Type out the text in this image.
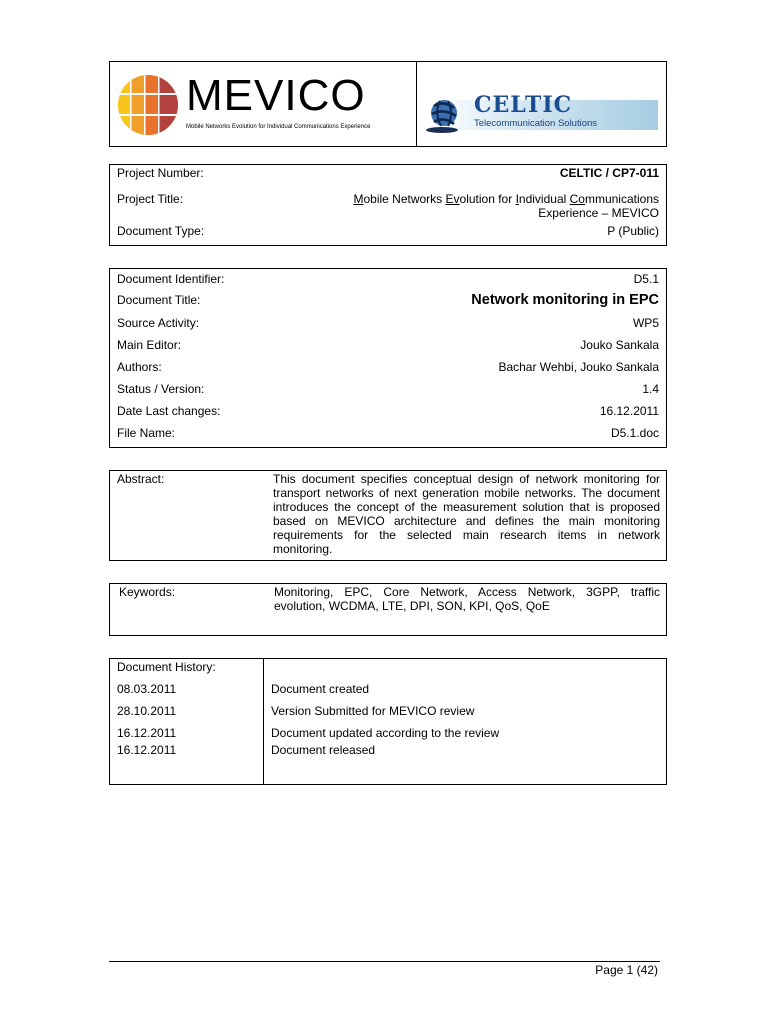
MEVICO
Mobile Networks Evolution for Individual Communications Experience
CELTIC
Telecommunication Solutions
Project Number:	CELTIC / CP7-011
Project Title:	Mobile Networks Evolution for Individual Communications
Experience – MEVICO
Document Type:	P (Public)
Document Identifier:	D5.1
Document Title:	Network monitoring in EPC
Source Activity:	WP5
Main Editor:	Jouko Sankala
Authors:	Bachar Wehbi, Jouko Sankala
Status / Version:	1.4
Date Last changes:	16.12.2011
File Name:	D5.1.doc
Abstract:	This document specifies conceptual design of network monitoring for transport networks of next generation mobile networks. The document introduces the concept of the measurement solution that is proposed based on MEVICO architecture and defines the main monitoring requirements for the selected main research items in network monitoring.
Keywords:	Monitoring, EPC, Core Network, Access Network, 3GPP, traffic evolution, WCDMA, LTE, DPI, SON, KPI, QoS, QoE
Document History:
08.03.2011	Document created
28.10.2011	Version Submitted for MEVICO review
16.12.2011	Document updated according to the review
16.12.2011	Document released
Page 1 (42)
